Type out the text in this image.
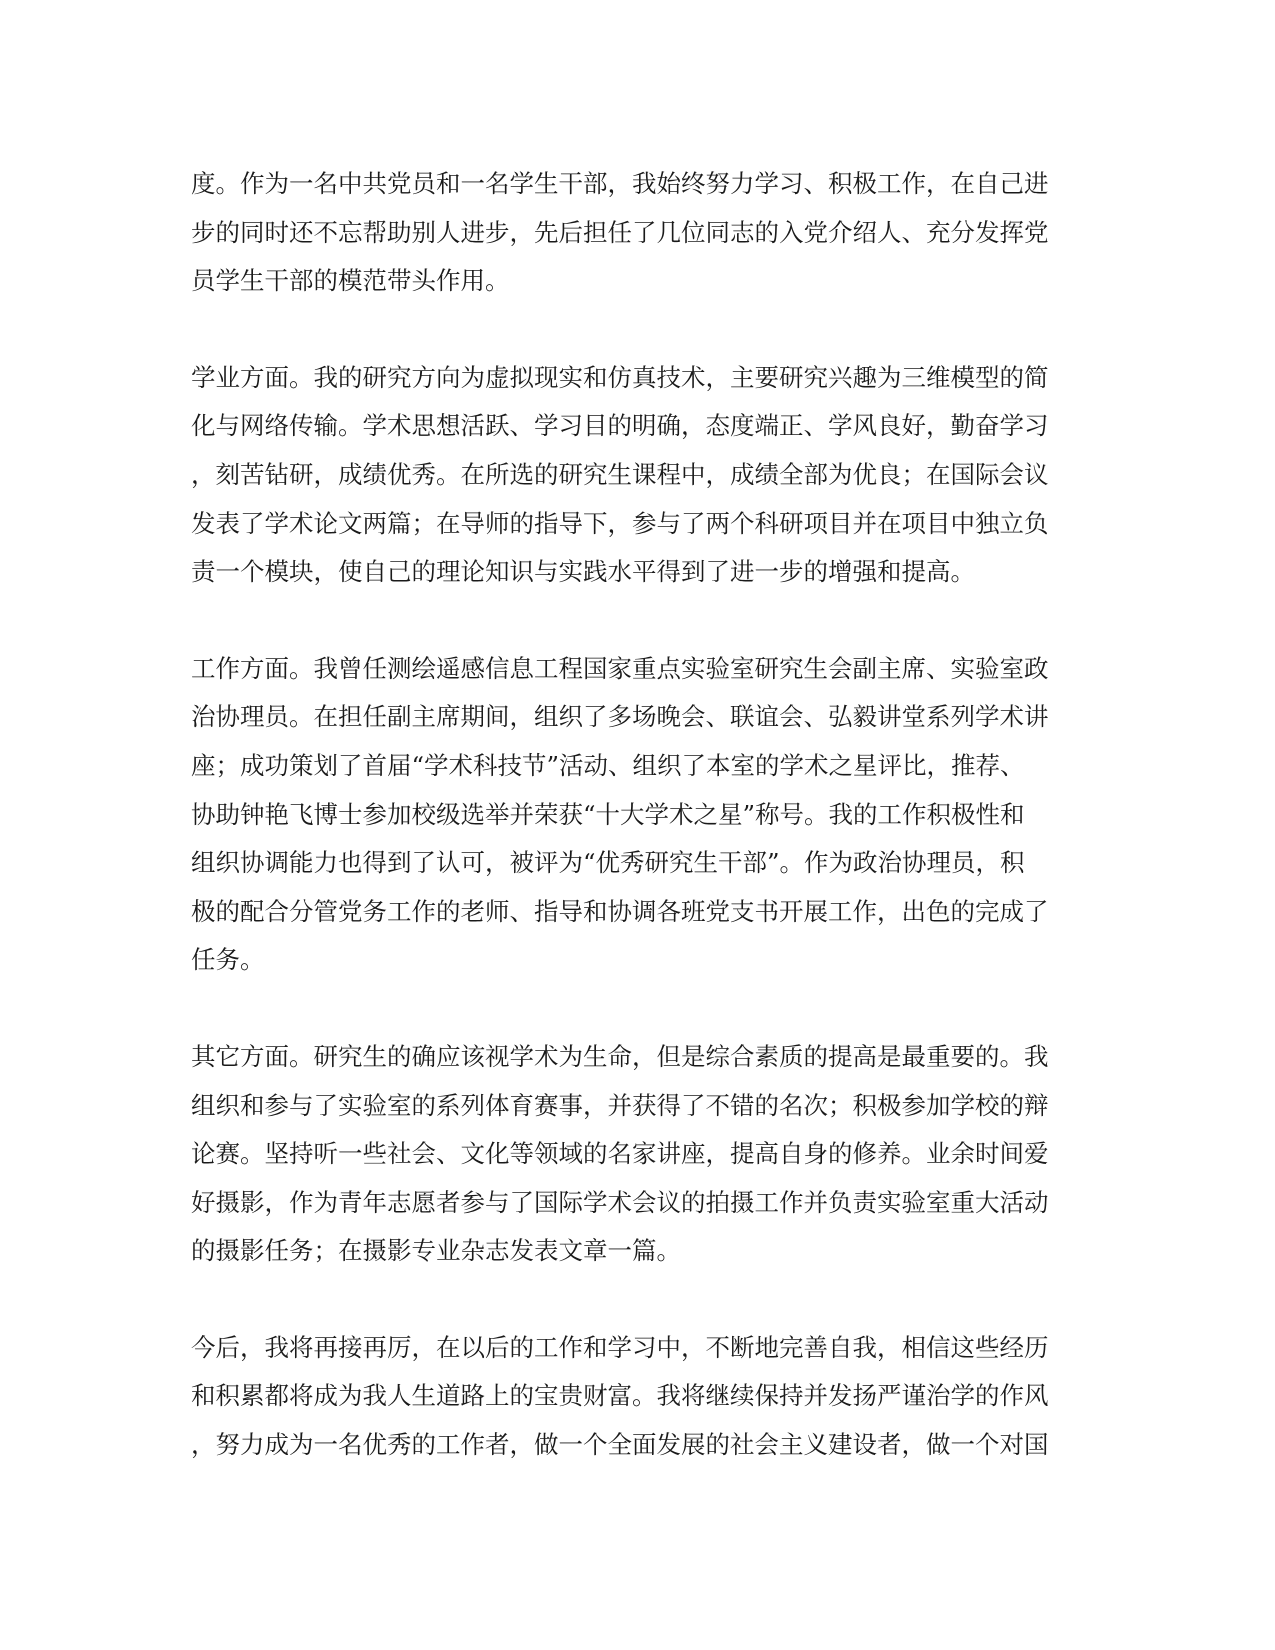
度。作为一名中共党员和一名学生干部，我始终努力学习、积极工作，在自己进
步的同时还不忘帮助别人进步，先后担任了几位同志的入党介绍人、充分发挥党
员学生干部的模范带头作用。

学业方面。我的研究方向为虚拟现实和仿真技术，主要研究兴趣为三维模型的简
化与网络传输。学术思想活跃、学习目的明确，态度端正、学风良好，勤奋学习
，刻苦钻研，成绩优秀。在所选的研究生课程中，成绩全部为优良；在国际会议
发表了学术论文两篇；在导师的指导下，参与了两个科研项目并在项目中独立负
责一个模块，使自己的理论知识与实践水平得到了进一步的增强和提高。

工作方面。我曾任测绘遥感信息工程国家重点实验室研究生会副主席、实验室政
治协理员。在担任副主席期间，组织了多场晚会、联谊会、弘毅讲堂系列学术讲
座；成功策划了首届“学术科技节”活动、组织了本室的学术之星评比，推荐、
协助钟艳飞博士参加校级选举并荣获“十大学术之星”称号。我的工作积极性和
组织协调能力也得到了认可，被评为“优秀研究生干部”。作为政治协理员，积
极的配合分管党务工作的老师、指导和协调各班党支书开展工作，出色的完成了
任务。

其它方面。研究生的确应该视学术为生命，但是综合素质的提高是最重要的。我
组织和参与了实验室的系列体育赛事，并获得了不错的名次；积极参加学校的辩
论赛。坚持听一些社会、文化等领域的名家讲座，提高自身的修养。业余时间爱
好摄影，作为青年志愿者参与了国际学术会议的拍摄工作并负责实验室重大活动
的摄影任务；在摄影专业杂志发表文章一篇。

今后，我将再接再厉，在以后的工作和学习中，不断地完善自我，相信这些经历
和积累都将成为我人生道路上的宝贵财富。我将继续保持并发扬严谨治学的作风
，努力成为一名优秀的工作者，做一个全面发展的社会主义建设者，做一个对国
